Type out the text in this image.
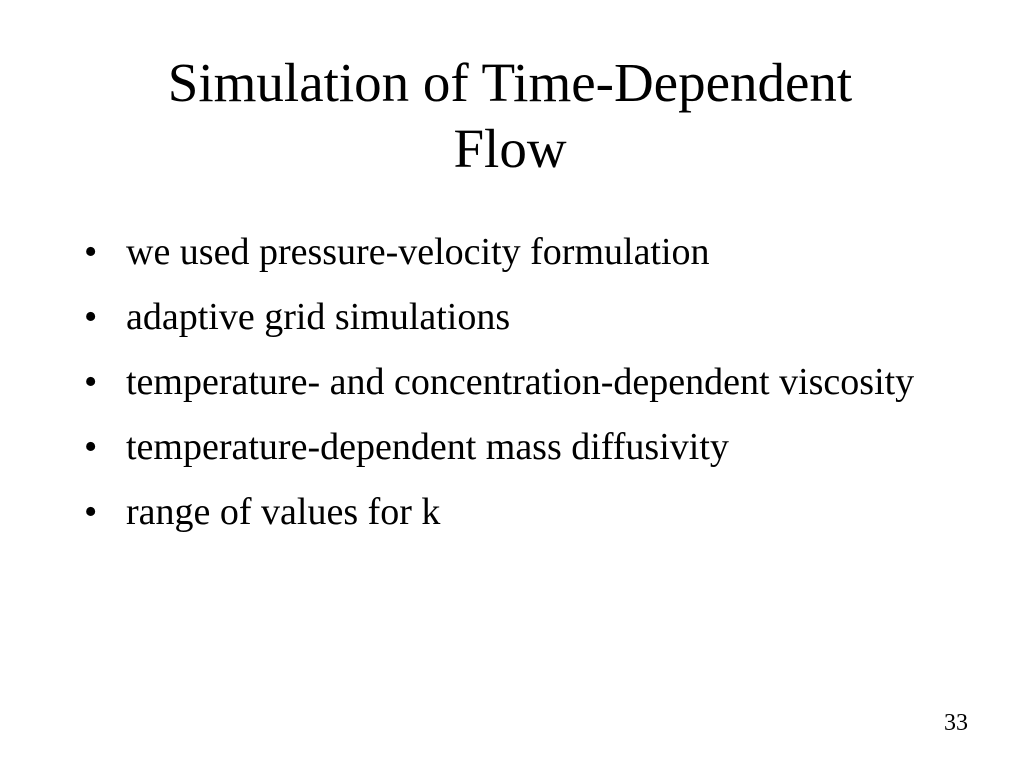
Simulation of Time-Dependent
Flow
• we used pressure-velocity formulation
• adaptive grid simulations
• temperature- and concentration-dependent viscosity
• temperature-dependent mass diffusivity
• range of values for k
33
